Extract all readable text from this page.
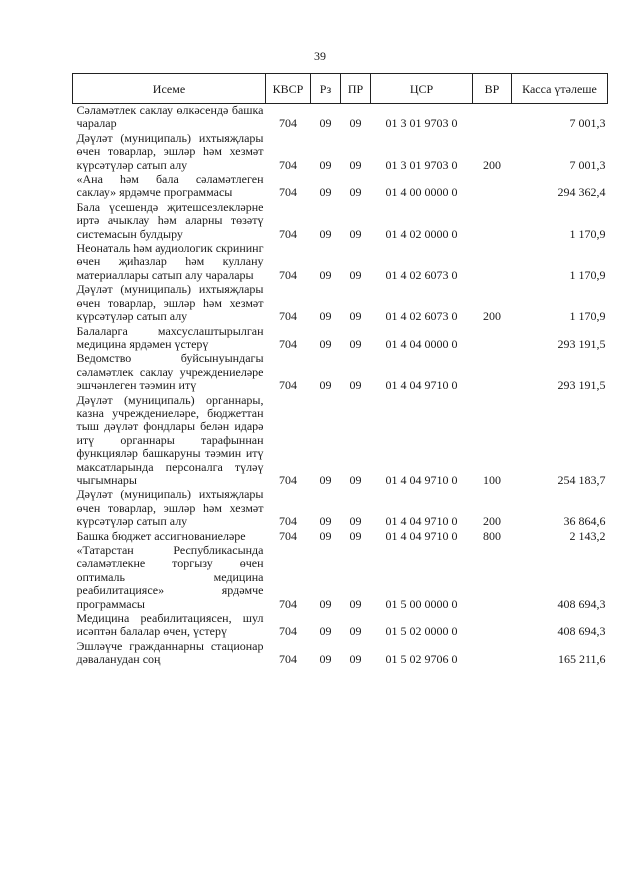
39
Исеме	КВСР	Рз	ПР	ЦСР	ВР	Касса үтәлеше
Сәламәтлек саклау өлкәсендә башка чаралар	704	09	09	01 3 01 9703 0		7 001,3
Дәүләт (муниципаль) ихтыяҗлары өчен товарлар, эшләр һәм хезмәт күрсәтүләр сатып алу	704	09	09	01 3 01 9703 0	200	7 001,3
«Ана һәм бала сәламәтлеген саклау» ярдәмче программасы	704	09	09	01 4 00 0000 0		294 362,4
Бала үсешендә җитешсезлекләрне иртә ачыклау һәм аларны төзәтү системасын булдыру	704	09	09	01 4 02 0000 0		1 170,9
Неонаталь һәм аудиологик скрининг өчен җиһазлар һәм куллану материаллары сатып алу чаралары	704	09	09	01 4 02 6073 0		1 170,9
Дәүләт (муниципаль) ихтыяҗлары өчен товарлар, эшләр һәм хезмәт күрсәтүләр сатып алу	704	09	09	01 4 02 6073 0	200	1 170,9
Балаларга махсуслаштырылган медицина ярдәмен үстерү	704	09	09	01 4 04 0000 0		293 191,5
Ведомство буйсынуындагы сәламәтлек саклау учреждениеләре эшчәнлеген тәэмин итү	704	09	09	01 4 04 9710 0		293 191,5
Дәүләт (муниципаль) органнары, казна учреждениеләре, бюджеттан тыш дәүләт фондлары белән идарә итү органнары тарафыннан функцияләр башкаруны тәэмин итү максатларында персоналга түләү чыгымнары	704	09	09	01 4 04 9710 0	100	254 183,7
Дәүләт (муниципаль) ихтыяҗлары өчен товарлар, эшләр һәм хезмәт күрсәтүләр сатып алу	704	09	09	01 4 04 9710 0	200	36 864,6
Башка бюджет ассигнованиеләре	704	09	09	01 4 04 9710 0	800	2 143,2
«Татарстан Республикасында сәламәтлекне торгызу өчен оптималь медицина реабилитациясе» ярдәмче программасы	704	09	09	01 5 00 0000 0		408 694,3
Медицина реабилитациясен, шул исәптән балалар өчен, үстерү	704	09	09	01 5 02 0000 0		408 694,3
Эшләүче гражданнарны стационар дәваланудан соң	704	09	09	01 5 02 9706 0		165 211,6
